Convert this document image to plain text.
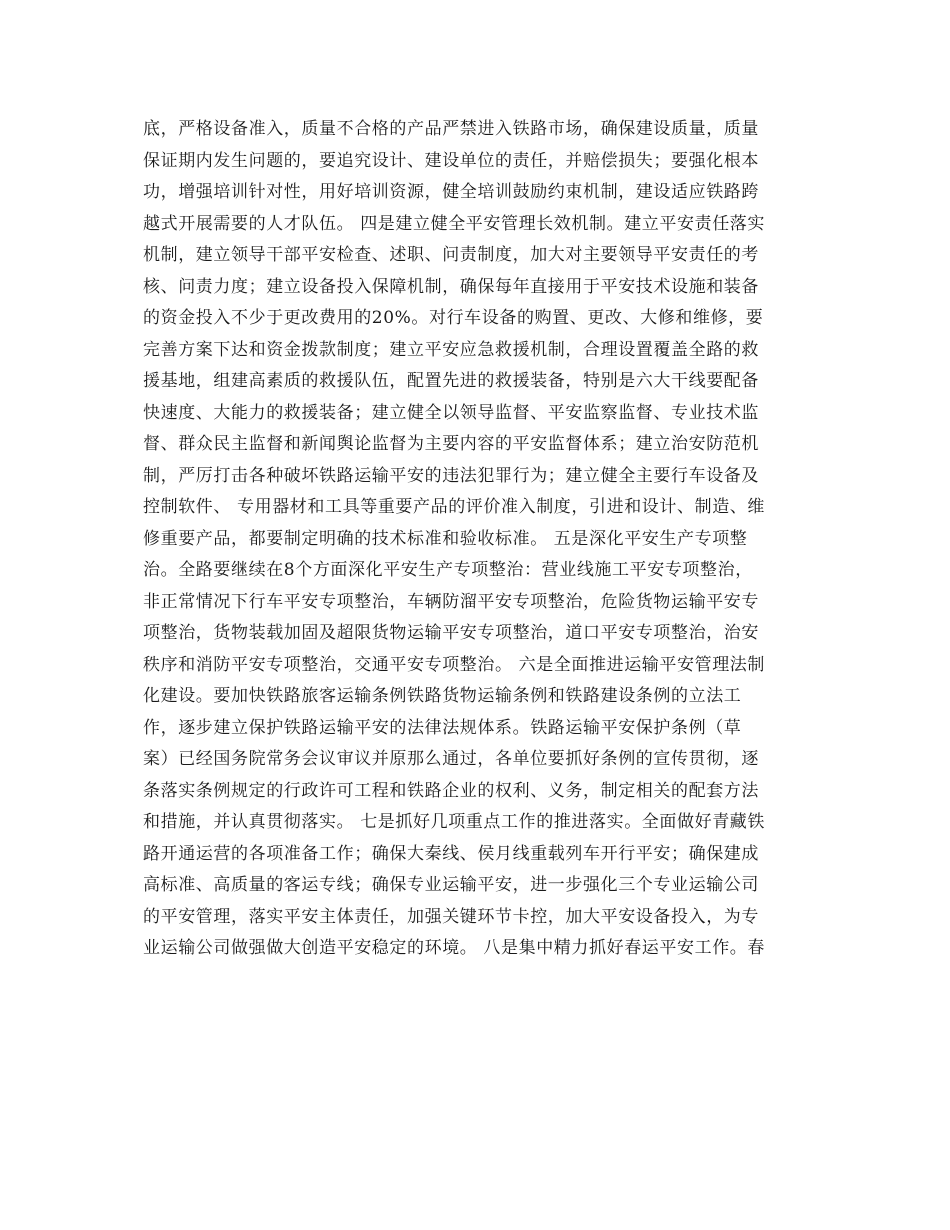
底，严格设备准入，质量不合格的产品严禁进入铁路市场，确保建设质量，质量
保证期内发生问题的，要追究设计、建设单位的责任，并赔偿损失；要强化根本
功，增强培训针对性，用好培训资源，健全培训鼓励约束机制，建设适应铁路跨
越式开展需要的人才队伍。 四是建立健全平安管理长效机制。建立平安责任落实
机制，建立领导干部平安检查、述职、问责制度，加大对主要领导平安责任的考
核、问责力度；建立设备投入保障机制，确保每年直接用于平安技术设施和装备
的资金投入不少于更改费用的20%。对行车设备的购置、更改、大修和维修，要
完善方案下达和资金拨款制度；建立平安应急救援机制，合理设置覆盖全路的救
援基地，组建高素质的救援队伍，配置先进的救援装备，特别是六大干线要配备
快速度、大能力的救援装备；建立健全以领导监督、平安监察监督、专业技术监
督、群众民主监督和新闻舆论监督为主要内容的平安监督体系；建立治安防范机
制，严厉打击各种破坏铁路运输平安的违法犯罪行为；建立健全主要行车设备及
控制软件、 专用器材和工具等重要产品的评价准入制度，引进和设计、制造、维
修重要产品，都要制定明确的技术标准和验收标准。 五是深化平安生产专项整
治。全路要继续在8个方面深化平安生产专项整治：营业线施工平安专项整治，
非正常情况下行车平安专项整治，车辆防溜平安专项整治，危险货物运输平安专
项整治，货物装载加固及超限货物运输平安专项整治，道口平安专项整治，治安
秩序和消防平安专项整治，交通平安专项整治。 六是全面推进运输平安管理法制
化建设。要加快铁路旅客运输条例铁路货物运输条例和铁路建设条例的立法工
作，逐步建立保护铁路运输平安的法律法规体系。铁路运输平安保护条例（草
案）已经国务院常务会议审议并原那么通过，各单位要抓好条例的宣传贯彻，逐
条落实条例规定的行政许可工程和铁路企业的权利、义务，制定相关的配套方法
和措施，并认真贯彻落实。 七是抓好几项重点工作的推进落实。全面做好青藏铁
路开通运营的各项准备工作；确保大秦线、侯月线重载列车开行平安；确保建成
高标准、高质量的客运专线；确保专业运输平安，进一步强化三个专业运输公司
的平安管理，落实平安主体责任，加强关键环节卡控，加大平安设备投入，为专
业运输公司做强做大创造平安稳定的环境。 八是集中精力抓好春运平安工作。春
